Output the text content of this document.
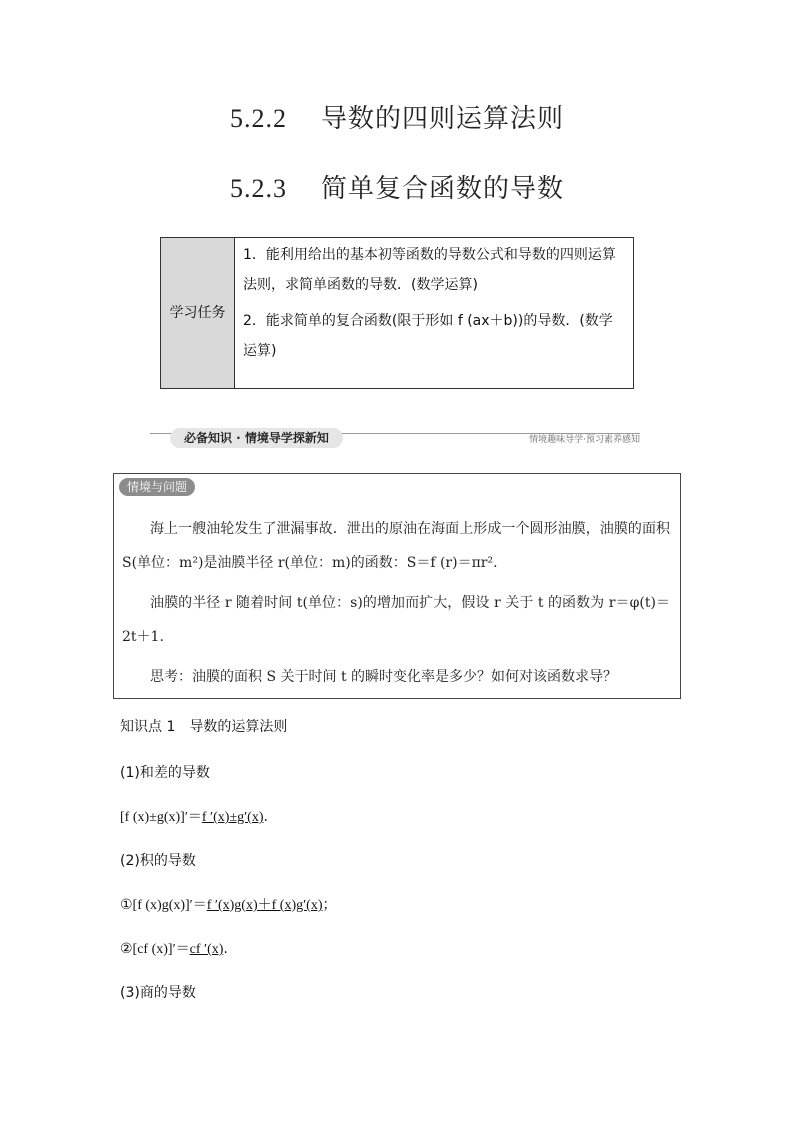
5.2.2 导数的四则运算法则
5.2.3 简单复合函数的导数
学习任务

1．能利用给出的基本初等函数的导数公式和导数的四则运算法则，求简单函数的导数．(数学运算)

2．能求简单的复合函数(限于形如 f (ax＋b))的导数．(数学运算)

必备知识 · 情境导学探新知	情境趣味导学·预习素养感知
情境与问题
海上一艘油轮发生了泄漏事故．泄出的原油在海面上形成一个圆形油膜，油膜的面积 S(单位：m²)是油膜半径 r(单位：m)的函数：S＝f (r)＝πr².
油膜的半径 r 随着时间 t(单位：s)的增加而扩大，假设 r 关于 t 的函数为 r＝φ(t)＝2t＋1.
思考：油膜的面积 S 关于时间 t 的瞬时变化率是多少？如何对该函数求导？
知识点 1　导数的运算法则
(1)和差的导数
[f (x)±g(x)]′＝f ′(x)±g′(x).
(2)积的导数
①[f (x)g(x)]′＝f ′(x)g(x)＋f (x)g′(x)；
②[cf (x)]′＝cf ′(x).
(3)商的导数
